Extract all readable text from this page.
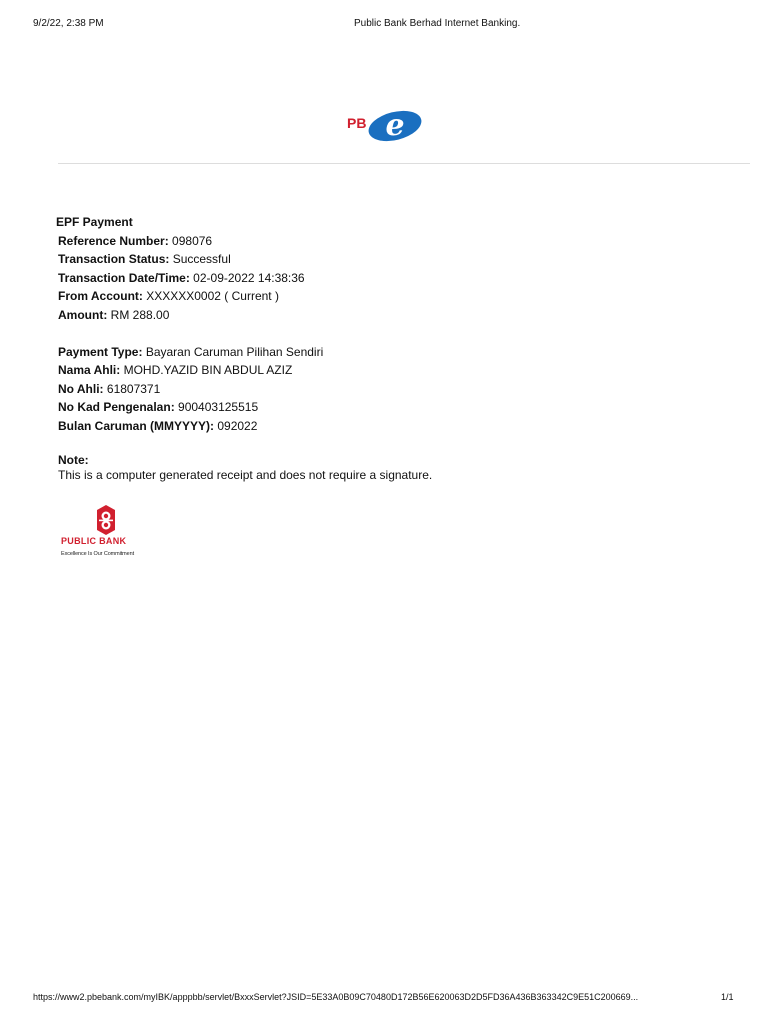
9/2/22, 2:38 PM	Public Bank Berhad Internet Banking.
e
PB
EPF Payment
Reference Number: 098076
Transaction Status: Successful
Transaction Date/Time: 02-09-2022 14:38:36
From Account: XXXXXX0002 ( Current )
Amount: RM 288.00
Payment Type: Bayaran Caruman Pilihan Sendiri
Nama Ahli: MOHD.YAZID BIN ABDUL AZIZ
No Ahli: 61807371
No Kad Pengenalan: 900403125515
Bulan Caruman (MMYYYY): 092022
Note:
This is a computer generated receipt and does not require a signature.
PUBLIC BANK
Excellence Is Our Commitment
https://www2.pbebank.com/myIBK/apppbb/servlet/BxxxServlet?JSID=5E33A0B09C70480D172B56E620063D2D5FD36A436B363342C9E51C200669...	1/1
